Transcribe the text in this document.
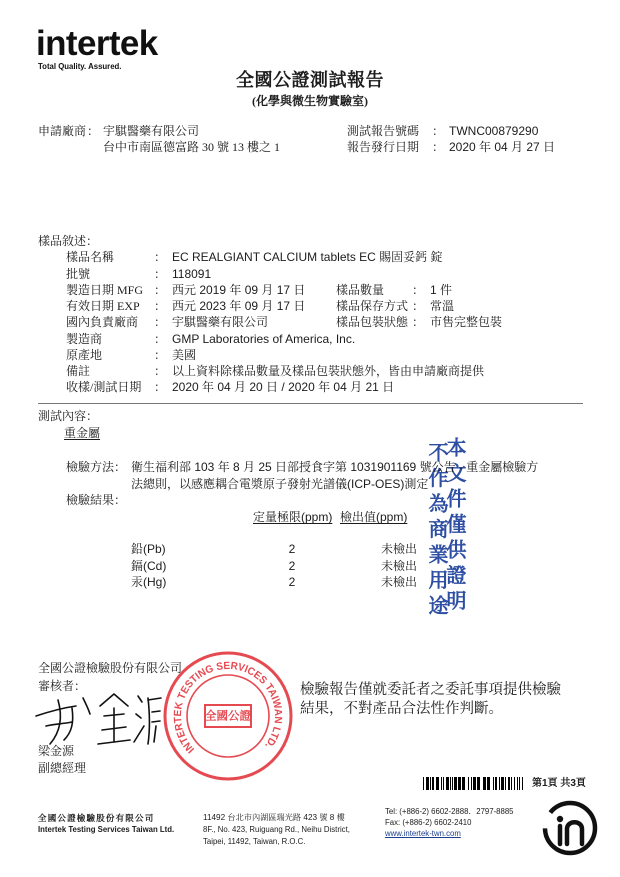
intertek
Total Quality. Assured.
全國公證測試報告
(化學與微生物實驗室)
申請廠商 ： 宇騏醫藥有限公司
台中市南區德富路 30 號 13 樓之 1
測試報告號碼 ： TWNC00879290
報告發行日期 ： 2020 年 04 月 27 日
樣品敘述：
樣品名稱	： EC REALGIANT CALCIUM tablets EC 賜固妥鈣 錠
批號	： 118091
製造日期 MFG ： 西元 2019 年 09 月 17 日	樣品數量 ： 1 件
有效日期 EXP ： 西元 2023 年 09 月 17 日	樣品保存方式 ： 常溫
國內負責廠商 ： 宇騏醫藥有限公司	樣品包裝狀態 ： 市售完整包裝
製造商	： GMP Laboratories of America, Inc.
原產地	： 美國
備註	： 以上資料除樣品數量及樣品包裝狀態外，皆由申請廠商提供
收樣/測試日期 ： 2020 年 04 月 20 日 / 2020 年 04 月 21 日
測試內容：
重金屬
檢驗方法： 衛生福利部 103 年 8 月 25 日部授食字第 1031901169 號公告 - 重金屬檢驗方
法總則，以感應耦合電漿原子發射光譜儀(ICP-OES)測定
檢驗結果：
定量極限(ppm) 檢出值(ppm)
鉛(Pb)	2	未檢出
鎘(Cd)	2	未檢出
汞(Hg)	2	未檢出 本文件僅供證明
不作為商業用途
全國公證檢驗股份有限公司
審核者：
梁金源
副總經理
INTERTEK TESTING SERVICES TAIWAN LTD.
全國公證
檢驗報告僅就委託者之委託事項提供檢驗
結果，不對產品合法性作判斷。
第1頁 共3頁
全國公證檢驗股份有限公司
Intertek Testing Services Taiwan Ltd.
11492 台北市內湖區瑞光路 423 號 8 樓
8F., No. 423, Ruiguang Rd., Neihu District,
Taipei, 11492, Taiwan, R.O.C.
Tel: (+886-2) 6602-2888．2797-8885
Fax: (+886-2) 6602-2410
www.intertek-twn.com
